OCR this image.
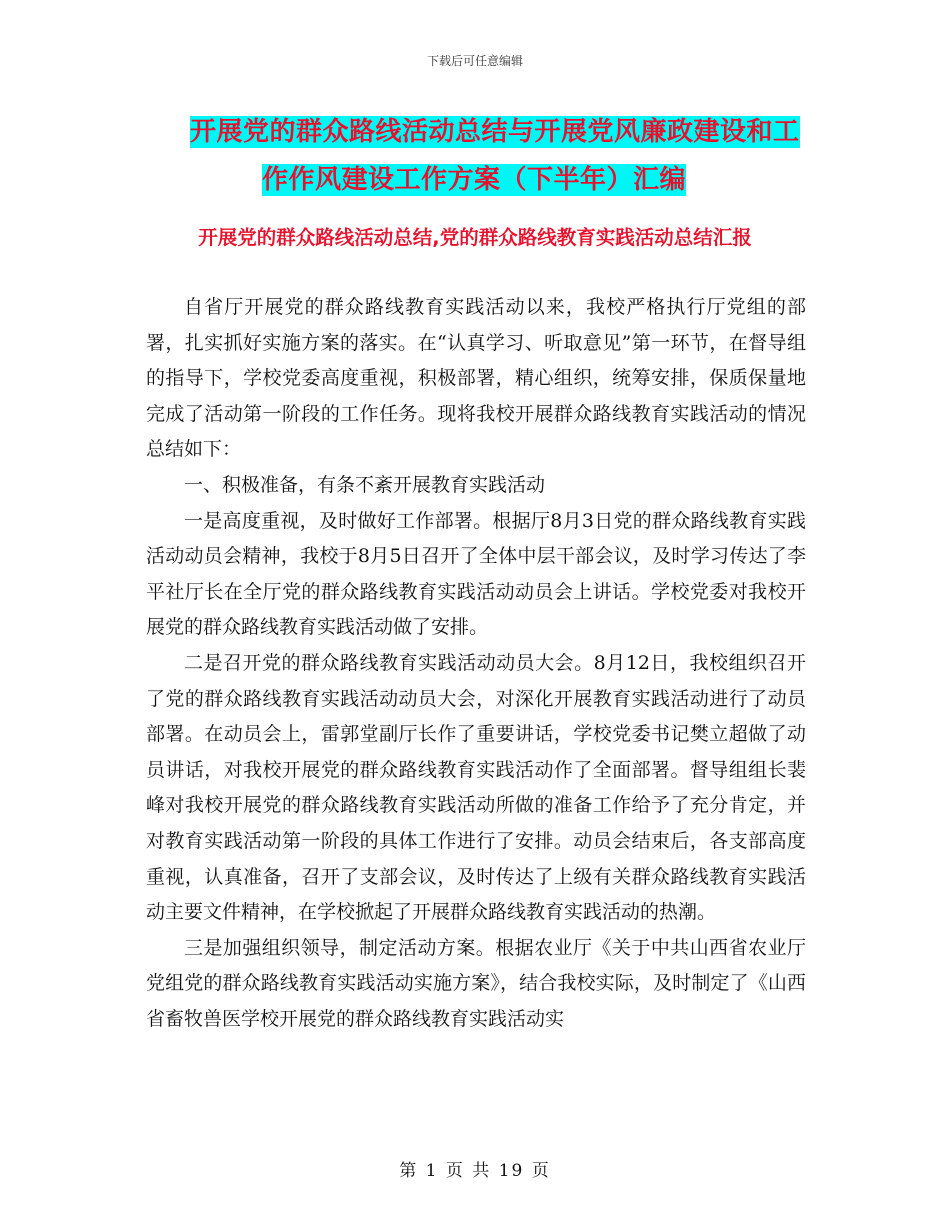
下载后可任意编辑
开展党的群众路线活动总结与开展党风廉政建设和工
作作风建设工作方案（下半年）汇编
开展党的群众路线活动总结,党的群众路线教育实践活动总结汇报

自省厅开展党的群众路线教育实践活动以来，我校严格执行厅党组的部署，扎实抓好实施方案的落实。在“认真学习、听取意见”第一环节，在督导组的指导下，学校党委高度重视，积极部署，精心组织，统筹安排，保质保量地完成了活动第一阶段的工作任务。现将我校开展群众路线教育实践活动的情况总结如下：

一、积极准备，有条不紊开展教育实践活动

一是高度重视，及时做好工作部署。根据厅8月3日党的群众路线教育实践活动动员会精神，我校于8月5日召开了全体中层干部会议，及时学习传达了李平社厅长在全厅党的群众路线教育实践活动动员会上讲话。学校党委对我校开展党的群众路线教育实践活动做了安排。

二是召开党的群众路线教育实践活动动员大会。8月12日，我校组织召开了党的群众路线教育实践活动动员大会，对深化开展教育实践活动进行了动员部署。在动员会上，雷郭堂副厅长作了重要讲话，学校党委书记樊立超做了动员讲话，对我校开展党的群众路线教育实践活动作了全面部署。督导组组长裴峰对我校开展党的群众路线教育实践活动所做的准备工作给予了充分肯定，并对教育实践活动第一阶段的具体工作进行了安排。动员会结束后，各支部高度重视，认真准备，召开了支部会议，及时传达了上级有关群众路线教育实践活动主要文件精神，在学校掀起了开展群众路线教育实践活动的热潮。

三是加强组织领导，制定活动方案。根据农业厅《关于中共山西省农业厅党组党的群众路线教育实践活动实施方案》，结合我校实际，及时制定了《山西省畜牧兽医学校开展党的群众路线教育实践活动实

第 1 页 共 19 页
